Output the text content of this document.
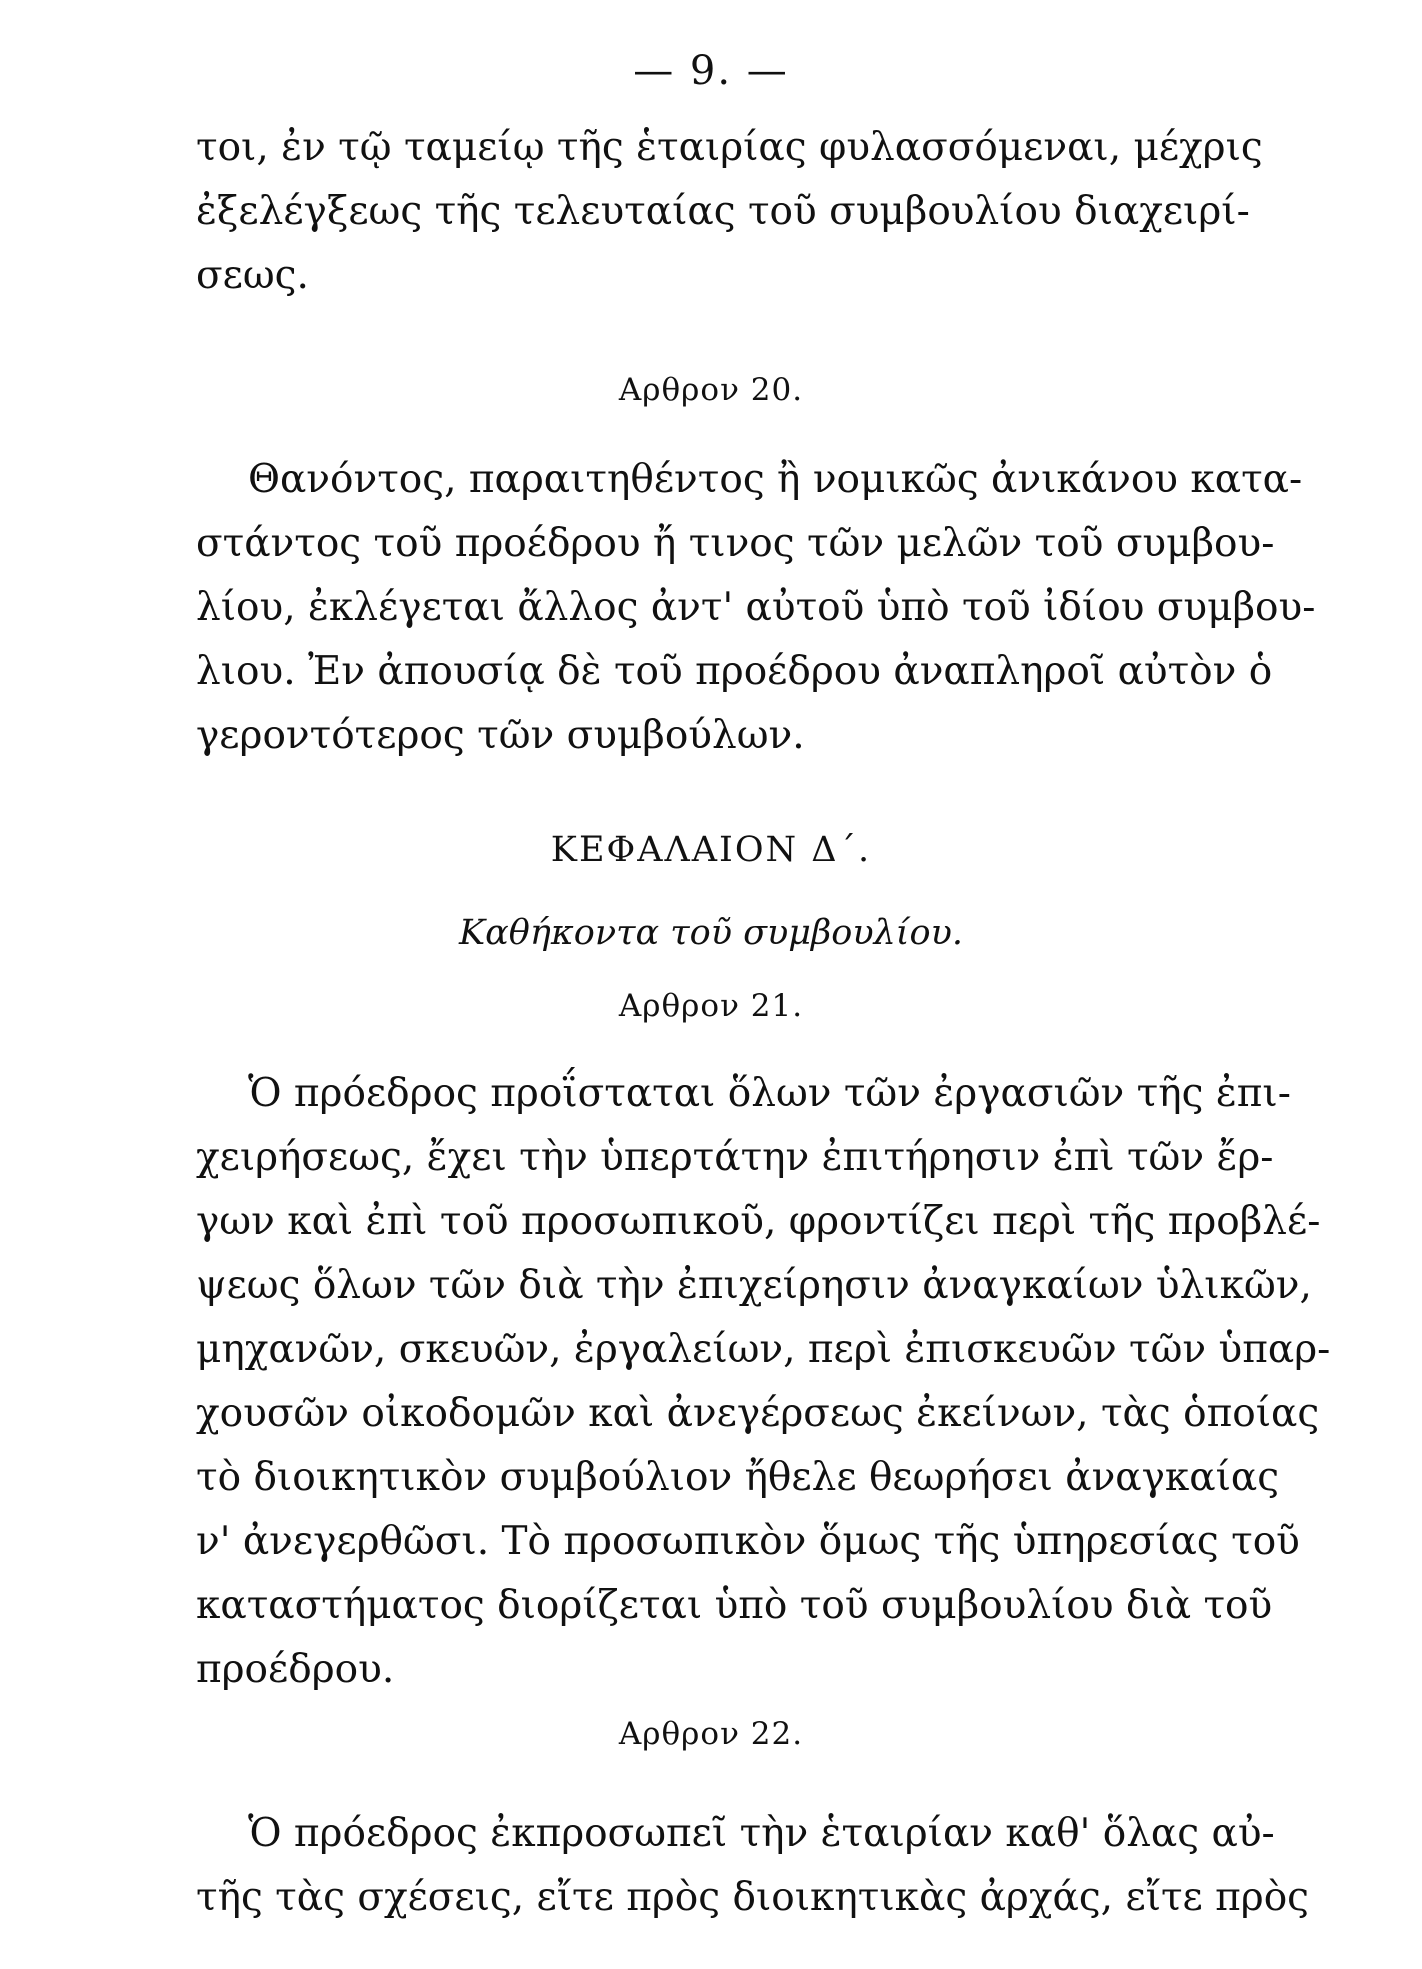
— 9. —
τοι, ἐν τῷ ταμείῳ τῆς ἑταιρίας φυλασσόμεναι, μέχρις
ἐξελέγξεως τῆς τελευταίας τοῦ συμβουλίου διαχειρί-
σεως.
Αρθρον 20.
Θανόντος, παραιτηθέντος ἢ νομικῶς ἀνικάνου κατα-
στάντος τοῦ προέδρου ἤ τινος τῶν μελῶν τοῦ συμβου-
λίου, ἐκλέγεται ἄλλος ἀντ' αὐτοῦ ὑπὸ τοῦ ἰδίου συμβου-
λιου. Ἐν ἀπουσίᾳ δὲ τοῦ προέδρου ἀναπληροῖ αὐτὸν ὁ
γεροντότερος τῶν συμβούλων.
ΚΕΦΑΛΑΙΟΝ Δ΄.
Καθήκοντα τοῦ συμβουλίου.
Αρθρον 21.
Ὁ πρόεδρος προΐσταται ὅλων τῶν ἐργασιῶν τῆς ἐπι-
χειρήσεως, ἔχει τὴν ὑπερτάτην ἐπιτήρησιν ἐπὶ τῶν ἔρ-
γων καὶ ἐπὶ τοῦ προσωπικοῦ, φροντίζει περὶ τῆς προβλέ-
ψεως ὅλων τῶν διὰ τὴν ἐπιχείρησιν ἀναγκαίων ὑλικῶν,
μηχανῶν, σκευῶν, ἐργαλείων, περὶ ἐπισκευῶν τῶν ὑπαρ-
χουσῶν οἰκοδομῶν καὶ ἀνεγέρσεως ἐκείνων, τὰς ὁποίας
τὸ διοικητικὸν συμβούλιον ἤθελε θεωρήσει ἀναγκαίας
ν' ἀνεγερθῶσι. Τὸ προσωπικὸν ὅμως τῆς ὑπηρεσίας τοῦ
καταστήματος διορίζεται ὑπὸ τοῦ συμβουλίου διὰ τοῦ
προέδρου.
Αρθρον 22.
Ὁ πρόεδρος ἐκπροσωπεῖ τὴν ἑταιρίαν καθ' ὅλας αὐ-
τῆς τὰς σχέσεις, εἴτε πρὸς διοικητικὰς ἀρχάς, εἴτε πρὸς
